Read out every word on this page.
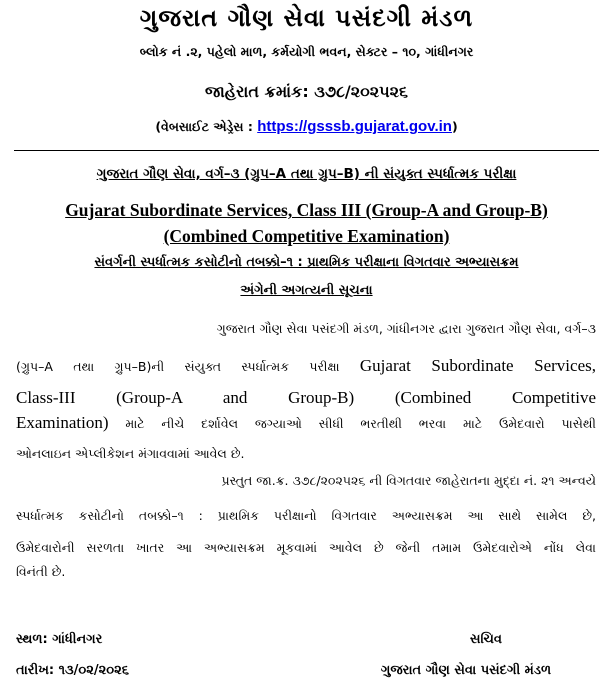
ગુજરાત ગૌણ સેવા પસંદગી મંડળ
બ્લોક નં .૨, પહેલો માળ, કર્મયોગી ભવન, સેક્ટર – ૧૦, ગાંધીનગર
જાહેરાત ક્રમાંક: ૩૭૮/૨૦૨૫૨૬
(વેબસાઈટ એડ્રેસ : https://gsssb.gujarat.gov.in)
ગુજરાત ગૌણ સેવા, વર્ગ–૩ (ગ્રુપ–A તથા ગ્રુપ–B) ની સંયુક્ત સ્પર્ધાત્મક પરીક્ષા
Gujarat Subordinate Services, Class III (Group-A and Group-B)
(Combined Competitive Examination)
સંવર્ગની સ્પર્ધાત્મક કસોટીનો તબક્કો–૧ : પ્રાથમિક પરીક્ષાના વિગતવાર અભ્યાસક્રમ
અંગેની અગત્યની સૂચના
ગુજરાત ગૌણ સેવા પસંદગી મંડળ, ગાંધીનગર દ્વારા ગુજરાત ગૌણ સેવા, વર્ગ–૩
(ગ્રુપ–A તથા ગ્રુપ–B)ની સંયુક્ત સ્પર્ધાત્મક પરીક્ષા Gujarat Subordinate Services,
Class-III (Group-A and Group-B) (Combined Competitive
Examination) માટે નીચે દર્શાવેલ જગ્યાઓ સીધી ભરતીથી ભરવા માટે ઉમેદવારો પાસેથી
ઓનલાઇન એપ્લીકેશન મંગાવવામાં આવેલ છે.
પ્રસ્તુત જા.ક્ર. ૩૭૮/૨૦૨૫૨૬ ની વિગતવાર જાહેરાતના મુદ્દા નં. ૨૧ અન્વયે
સ્પર્ધાત્મક કસોટીનો તબક્કો–૧ : પ્રાથમિક પરીક્ષાનો વિગતવાર અભ્યાસક્રમ આ સાથે સામેલ છે,
ઉમેદવારોની સરળતા ખાતર આ અભ્યાસક્રમ મૂકવામાં આવેલ છે જેની તમામ ઉમેદવારોએ નોંધ લેવા
વિનંતી છે.
સ્થળ: ગાંધીનગર	સચિવ
તારીખ: ૧૩/૦૨/૨૦૨૬	ગુજરાત ગૌણ સેવા પસંદગી મંડળ
